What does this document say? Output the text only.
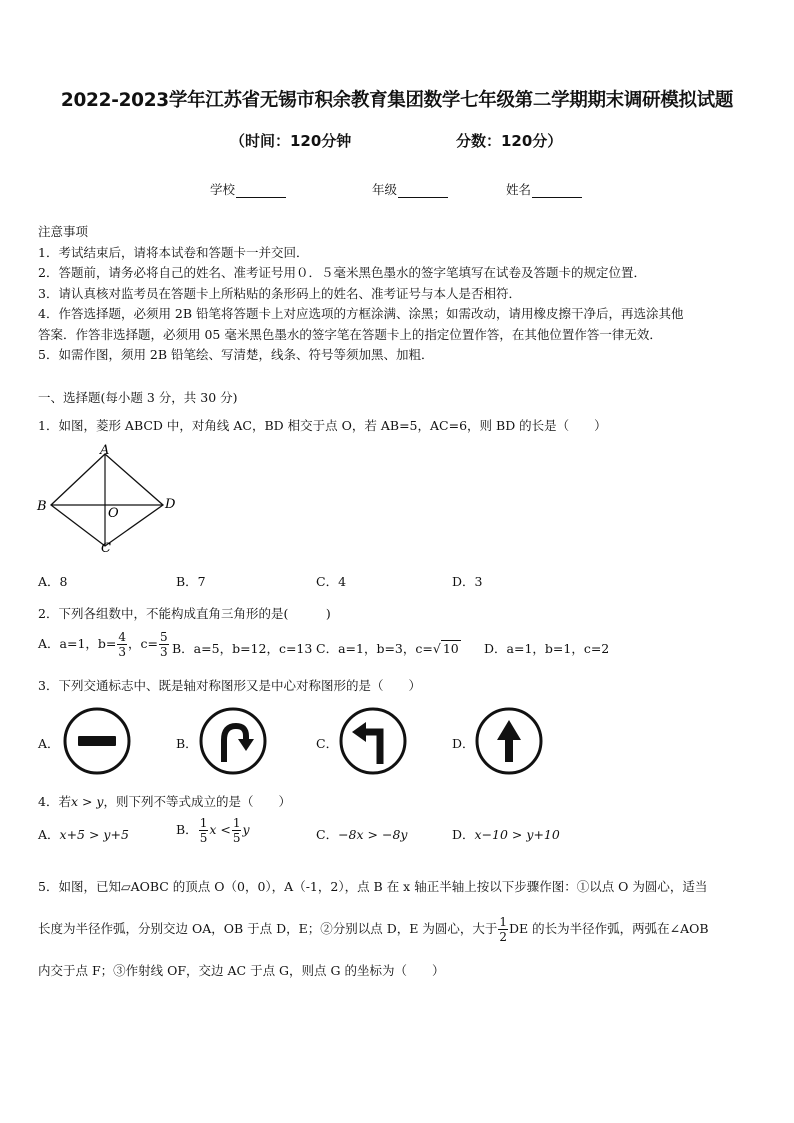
2022-2023学年江苏省无锡市积余教育集团数学七年级第二学期期末调研模拟试题
（时间：120分钟	分数：120分）
学校	年级	姓名

注意事项

1．考试结束后，请将本试卷和答题卡一并交回．

2．答题前，请务必将自己的姓名、准考证号用０．５毫米黑色墨水的签字笔填写在试卷及答题卡的规定位置．

3．请认真核对监考员在答题卡上所粘贴的条形码上的姓名、准考证号与本人是否相符．

4．作答选择题，必须用 2B 铅笔将答题卡上对应选项的方框涂满、涂黑；如需改动，请用橡皮擦干净后，再选涂其他

答案．作答非选择题，必须用 05 毫米黑色墨水的签字笔在答题卡上的指定位置作答，在其他位置作答一律无效．

5．如需作图，须用 2B 铅笔绘、写清楚，线条、符号等须加黑、加粗．

一、选择题(每小题 3 分，共 30 分)
1．如图，菱形 ABCD 中，对角线 AC，BD 相交于点 O，若 AB=5，AC=6，则 BD 的长是（　　）
A
B
C
D
O
A．8	B．7	C．4	D．3
2．下列各组数中，不能构成直角三角形的是(　　　)
A．a=1，$b= \frac{4}{3}$ ，$c= \frac{5}{3}$ B．a=5，b=12，c=13 C．a=1，b=3，c=√ 10 D．a=1，b=1，c=2
3．下列交通标志中、既是轴对称图形又是中心对称图形的是（　　）
A．	B．	C．	D．
4．若x > y，则下列不等式成立的是（　　）
A．x+5 > y+5	B． $\frac{1}{5}$ $x < \frac{1}{5}$ y	C．−8x > −8y	D．x−10 > y+10

5．如图，已知▱AOBC 的顶点 O（0，0），A（-1，2），点 B 在 x 轴正半轴上按以下步骤作图：①以点 O 为圆心，适当

长度为半径作弧，分别交边 OA，OB 于点 D，E；②分别以点 D，E 为圆心，大于 $\frac{1}{2}$ DE 的长为半径作弧，两弧在∠AOB

内交于点 F；③作射线 OF，交边 AC 于点 G，则点 G 的坐标为（　　）
